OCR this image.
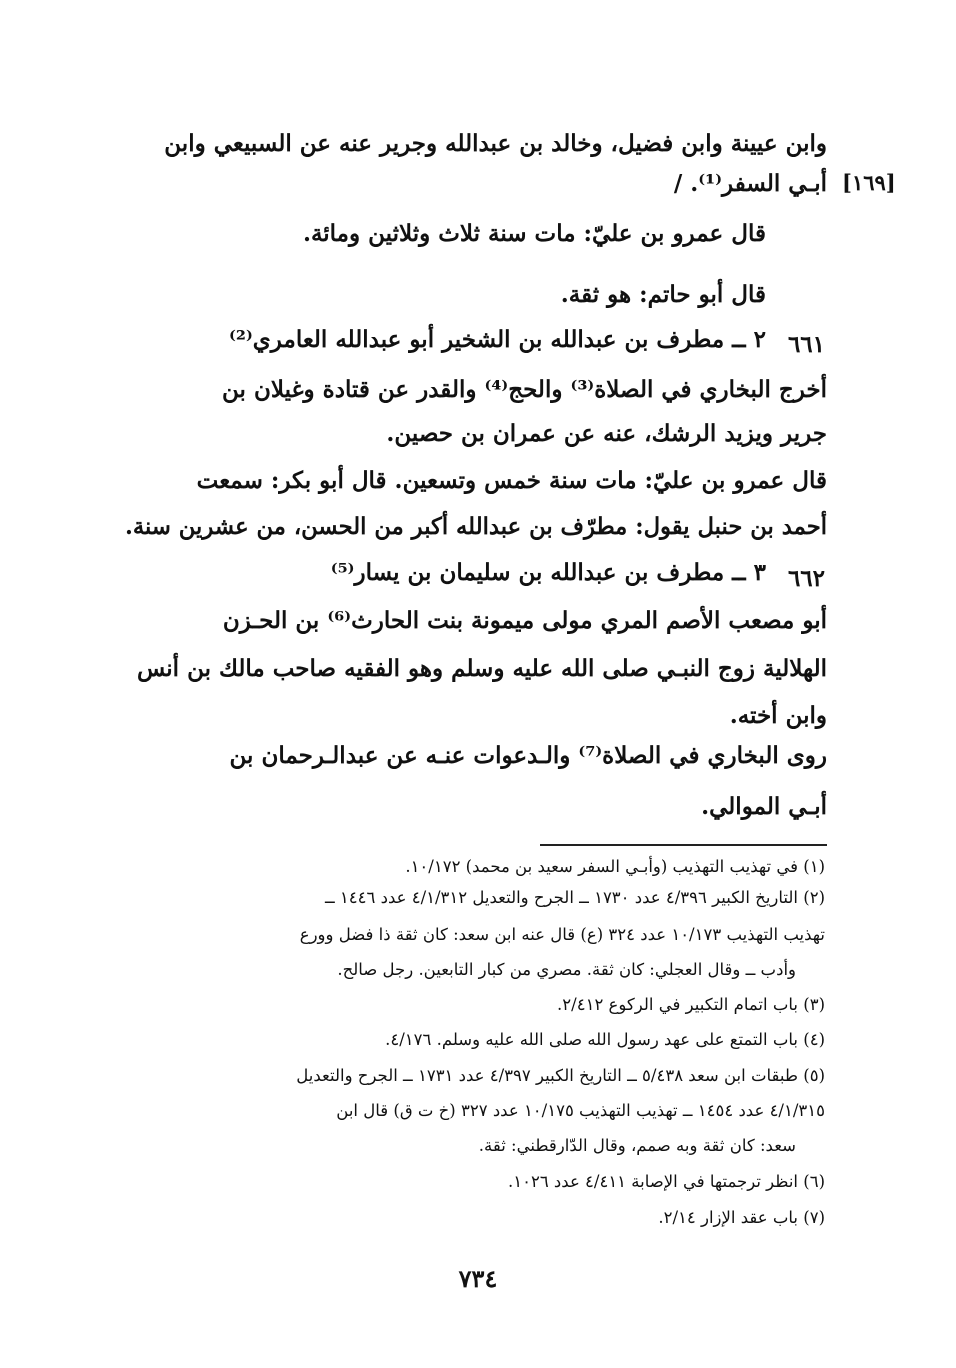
وابن عيينة وابن فضيل، وخالد بن عبدالله وجرير عنه عن السبيعي وابن
[١٦٩]
أبـي السفر⁽¹⁾. /
قال عمرو بن عليّ: مات سنة ثلاث وثلاثين ومائة.
قال أبو حاتم: هو ثقة.
٦٦١
٢ ــ مطرف بن عبدالله بن الشخير أبو عبدالله العامري⁽²⁾
أخرج البخاري في الصلاة⁽³⁾ والحج⁽⁴⁾ والقدر عن قتادة وغيلان بن
جرير ويزيد الرشك، عنه عن عمران بن حصين.
قال عمرو بن عليّ: مات سنة خمس وتسعين. قال أبو بكر: سمعت
أحمد بن حنبل يقول: مطرّف بن عبدالله أكبر من الحسن، من عشرين سنة.
٦٦٢
٣ ــ مطرف بن عبدالله بن سليمان بن يسار⁽⁵⁾
أبو مصعب الأصم المري مولى ميمونة بنت الحارث⁽⁶⁾ بن الحـزن
الهلالية زوج النبـي صلى الله عليه وسلم وهو الفقيه صاحب مالك بن أنس
وابن أخته.
روى البخاري في الصلاة⁽⁷⁾ والـدعوات عنـه عن عبدالـرحمان بن
أبـي الموالي.
(١) في تهذيب التهذيب (وأبـي السفر سعيد بن محمد) ١٠/١٧٢.
(٢) التاريخ الكبير ٤/٣٩٦ عدد ١٧٣٠ ــ الجرح والتعديل ٤/١/٣١٢ عدد ١٤٤٦ ــ
تهذيب التهذيب ١٠/١٧٣ عدد ٣٢٤ (ع) قال عنه ابن سعد: كان ثقة ذا فضل وورع
وأدب ــ وقال العجلي: كان ثقة. مصري من كبار التابعين. رجل صالح.
(٣) باب اتمام التكبير في الركوع ٢/٤١٢.
(٤) باب التمتع على عهد رسول الله صلى الله عليه وسلم. ٤/١٧٦.
(٥) طبقات ابن سعد ٥/٤٣٨ ــ التاريخ الكبير ٤/٣٩٧ عدد ١٧٣١ ــ الجرح والتعديل
٤/١/٣١٥ عدد ١٤٥٤ ــ تهذيب التهذيب ١٠/١٧٥ عدد ٣٢٧ (خ ت ق) قال ابن
سعد: كان ثقة وبه صمم، وقال الدّارقطني: ثقة.
(٦) انظر ترجمتها في الإصابة ٤/٤١١ عدد ١٠٢٦.
(٧) باب عقد الإزار ٢/١٤.
٧٣٤
